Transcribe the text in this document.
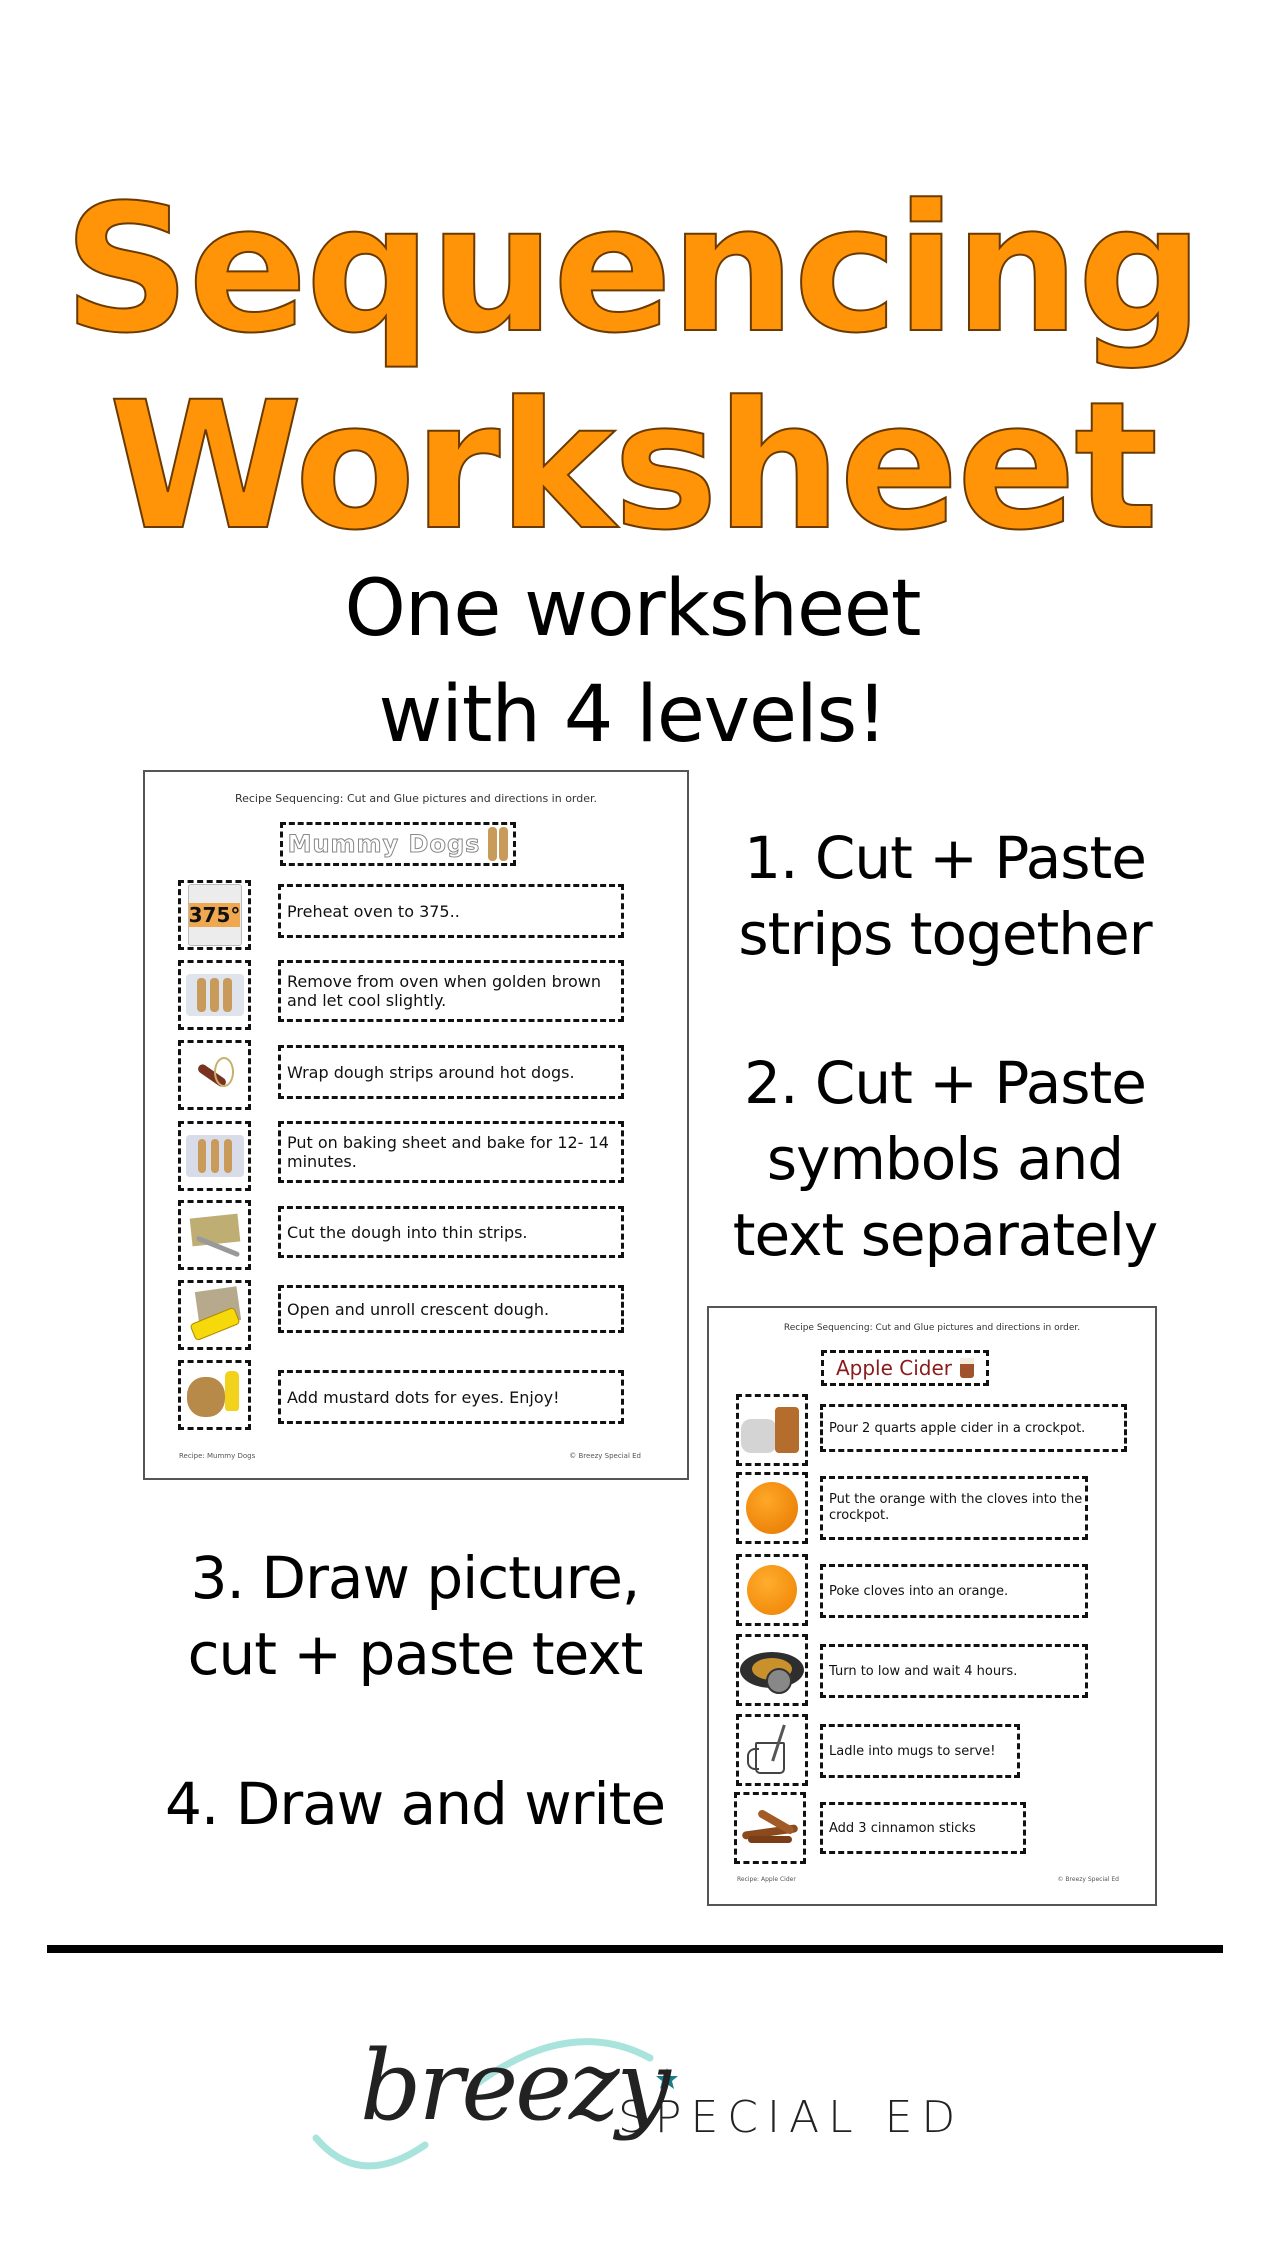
Sequencing
Worksheet
One worksheet
with 4 levels!
Recipe Sequencing: Cut and Glue pictures and directions in order.
Mummy Dogs
375°	Preheat oven to 375..
Remove from oven when golden brown and let cool slightly.
Wrap dough strips around hot dogs.
Put on baking sheet and bake for 12- 14 minutes.
Cut the dough into thin strips.
Open and unroll crescent dough.
Add mustard dots for eyes. Enjoy!
Recipe: Mummy Dogs	© Breezy Special Ed
1. Cut + Paste
strips together
2. Cut + Paste
symbols and
text separately
3. Draw picture,
cut + paste text
4. Draw and write
Recipe Sequencing: Cut and Glue pictures and directions in order.
Apple Cider
Pour 2 quarts apple cider in a crockpot.
Put the orange with the cloves into the crockpot.
Poke cloves into an orange.
Turn to low and wait 4 hours.
Ladle into mugs to serve!
Add 3 cinnamon sticks
Recipe: Apple Cider	© Breezy Special Ed
breezy
SPECIAL ED
